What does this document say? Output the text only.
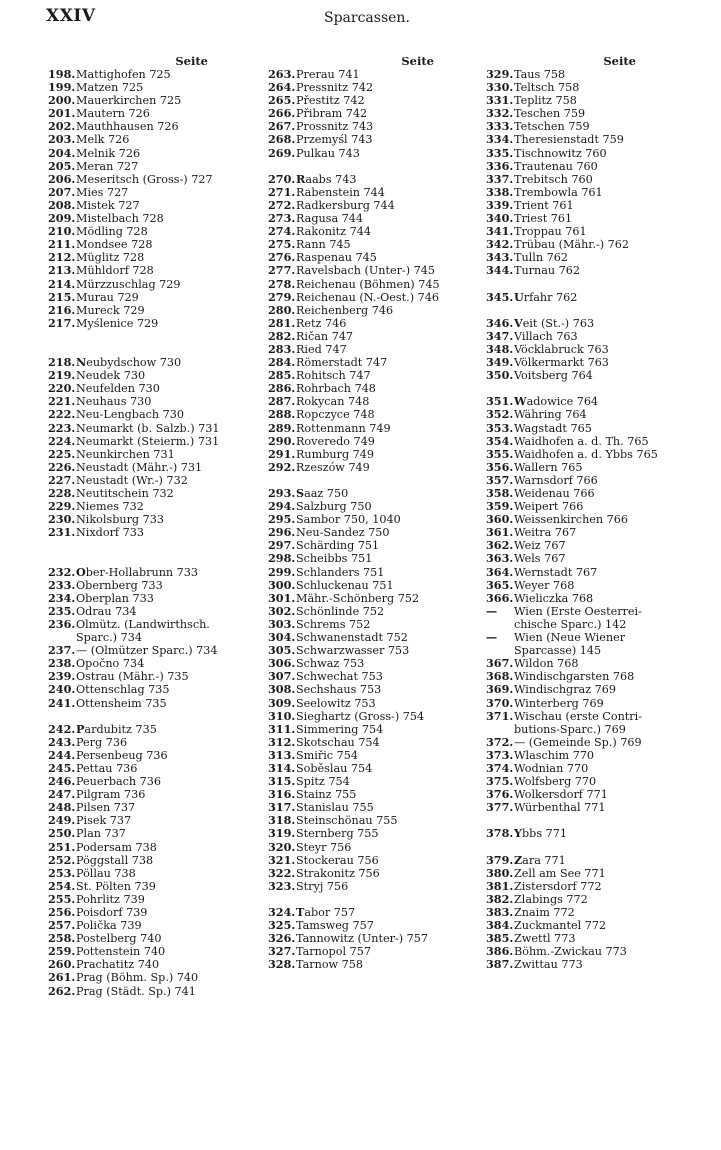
XXIV	Sparcassen.
Seite
198. Mattighofen 725
199. Matzen 725
200. Mauerkirchen 725
201. Mautern 726
202. Mauthhausen 726
203. Melk 726
204. Melnik 726
205. Meran 727
206. Meseritsch (Gross-) 727
207. Mies 727
208. Mistek 727
209. Mistelbach 728
210. Mödling 728
211. Mondsee 728
212. Müglitz 728
213. Mühldorf 728
214. Mürzzuschlag 729
215. Murau 729
216. Mureck 729
217. Myślenice 729
218. Neubydschow 730
219. Neudek 730
220. Neufelden 730
221. Neuhaus 730
222. Neu-Lengbach 730
223. Neumarkt (b. Salzb.) 731
224. Neumarkt (Steierm.) 731
225. Neunkirchen 731
226. Neustadt (Mähr.-) 731
227. Neustadt (Wr.-) 732
228. Neutitschein 732
229. Niemes 732
230. Nikolsburg 733
231. Nixdorf 733
232. Ober-Hollabrunn 733
233. Obernberg 733
234. Oberplan 733
235. Odrau 734
236. Olmütz. (Landwirthsch.
Sparc.) 734
237. — (Olmützer Sparc.) 734
238. Opočno 734
239. Ostrau (Mähr.-) 735
240. Ottenschlag 735
241. Ottensheim 735
242. Pardubitz 735
243. Perg 736
244. Persenbeug 736
245. Pettau 736
246. Peuerbach 736
247. Pilgram 736
248. Pilsen 737
249. Pisek 737
250. Plan 737
251. Podersam 738
252. Pöggstall 738
253. Pöllau 738
254. St. Pölten 739
255. Pohrlitz 739
256. Poisdorf 739
257. Polička 739
258. Postelberg 740
259. Pottenstein 740
260. Prachatitz 740
261. Prag (Böhm. Sp.) 740
262. Prag (Städt. Sp.) 741
Seite
263. Prerau 741
264. Pressnitz 742
265. Přestitz 742
266. Přibram 742
267. Prossnitz 743
268. Przemyśl 743
269. Pulkau 743
270. Raabs 743
271. Rabenstein 744
272. Radkersburg 744
273. Ragusa 744
274. Rakonitz 744
275. Rann 745
276. Raspenau 745
277. Ravelsbach (Unter-) 745
278. Reichenau (Böhmen) 745
279. Reichenau (N.-Oest.) 746
280. Reichenberg 746
281. Retz 746
282. Ričan 747
283. Ried 747
284. Römerstadt 747
285. Rohitsch 747
286. Rohrbach 748
287. Rokycan 748
288. Ropczyce 748
289. Rottenmann 749
290. Roveredo 749
291. Rumburg 749
292. Rzeszów 749
293. Saaz 750
294. Salzburg 750
295. Sambor 750, 1040
296. Neu-Sandez 750
297. Schärding 751
298. Scheibbs 751
299. Schlanders 751
300. Schluckenau 751
301. Mähr.-Schönberg 752
302. Schönlinde 752
303. Schrems 752
304. Schwanenstadt 752
305. Schwarzwasser 753
306. Schwaz 753
307. Schwechat 753
308. Sechshaus 753
309. Seelowitz 753
310. Sieghartz (Gross-) 754
311. Simmering 754
312. Skotschau 754
313. Smiřic 754
314. Soběslau 754
315. Spitz 754
316. Stainz 755
317. Stanislau 755
318. Steinschönau 755
319. Sternberg 755
320. Steyr 756
321. Stockerau 756
322. Strakonitz 756
323. Stryj 756
324. Tabor 757
325. Tamsweg 757
326. Tannowitz (Unter-) 757
327. Tarnopol 757
328. Tarnow 758
Seite
329. Taus 758
330. Teltsch 758
331. Teplitz 758
332. Teschen 759
333. Tetschen 759
334. Theresienstadt 759
335. Tischnowitz 760
336. Trautenau 760
337. Trebitsch 760
338. Trembowla 761
339. Trient 761
340. Triest 761
341. Troppau 761
342. Trübau (Mähr.-) 762
343. Tulln 762
344. Turnau 762
345. Urfahr 762
346. Veit (St.-) 763
347. Villach 763
348. Vöcklabruck 763
349. Völkermarkt 763
350. Voitsberg 764
351. Wadowice 764
352. Währing 764
353. Wagstadt 765
354. Waidhofen a. d. Th. 765
355. Waidhofen a. d. Ybbs 765
356. Wallern 765
357. Warnsdorf 766
358. Weidenau 766
359. Weipert 766
360. Weissenkirchen 766
361. Weitra 767
362. Weiz 767
363. Wels 767
364. Wernstadt 767
365. Weyer 768
366. Wieliczka 768
—	Wien (Erste Oesterrei-
chische Sparc.) 142
—	Wien (Neue Wiener
Sparcasse) 145
367. Wildon 768
368. Windischgarsten 768
369. Windischgraz 769
370. Winterberg 769
371. Wischau (erste Contri-
butions-Sparc.) 769
372. — (Gemeinde Sp.) 769
373. Wlaschim 770
374. Wodnian 770
375. Wolfsberg 770
376. Wolkersdorf 771
377. Würbenthal 771
378. Ybbs 771
379. Zara 771
380. Zell am See 771
381. Zistersdorf 772
382. Zlabings 772
383. Znaim 772
384. Zuckmantel 772
385. Zwettl 773
386. Böhm.-Zwickau 773
387. Zwittau 773
